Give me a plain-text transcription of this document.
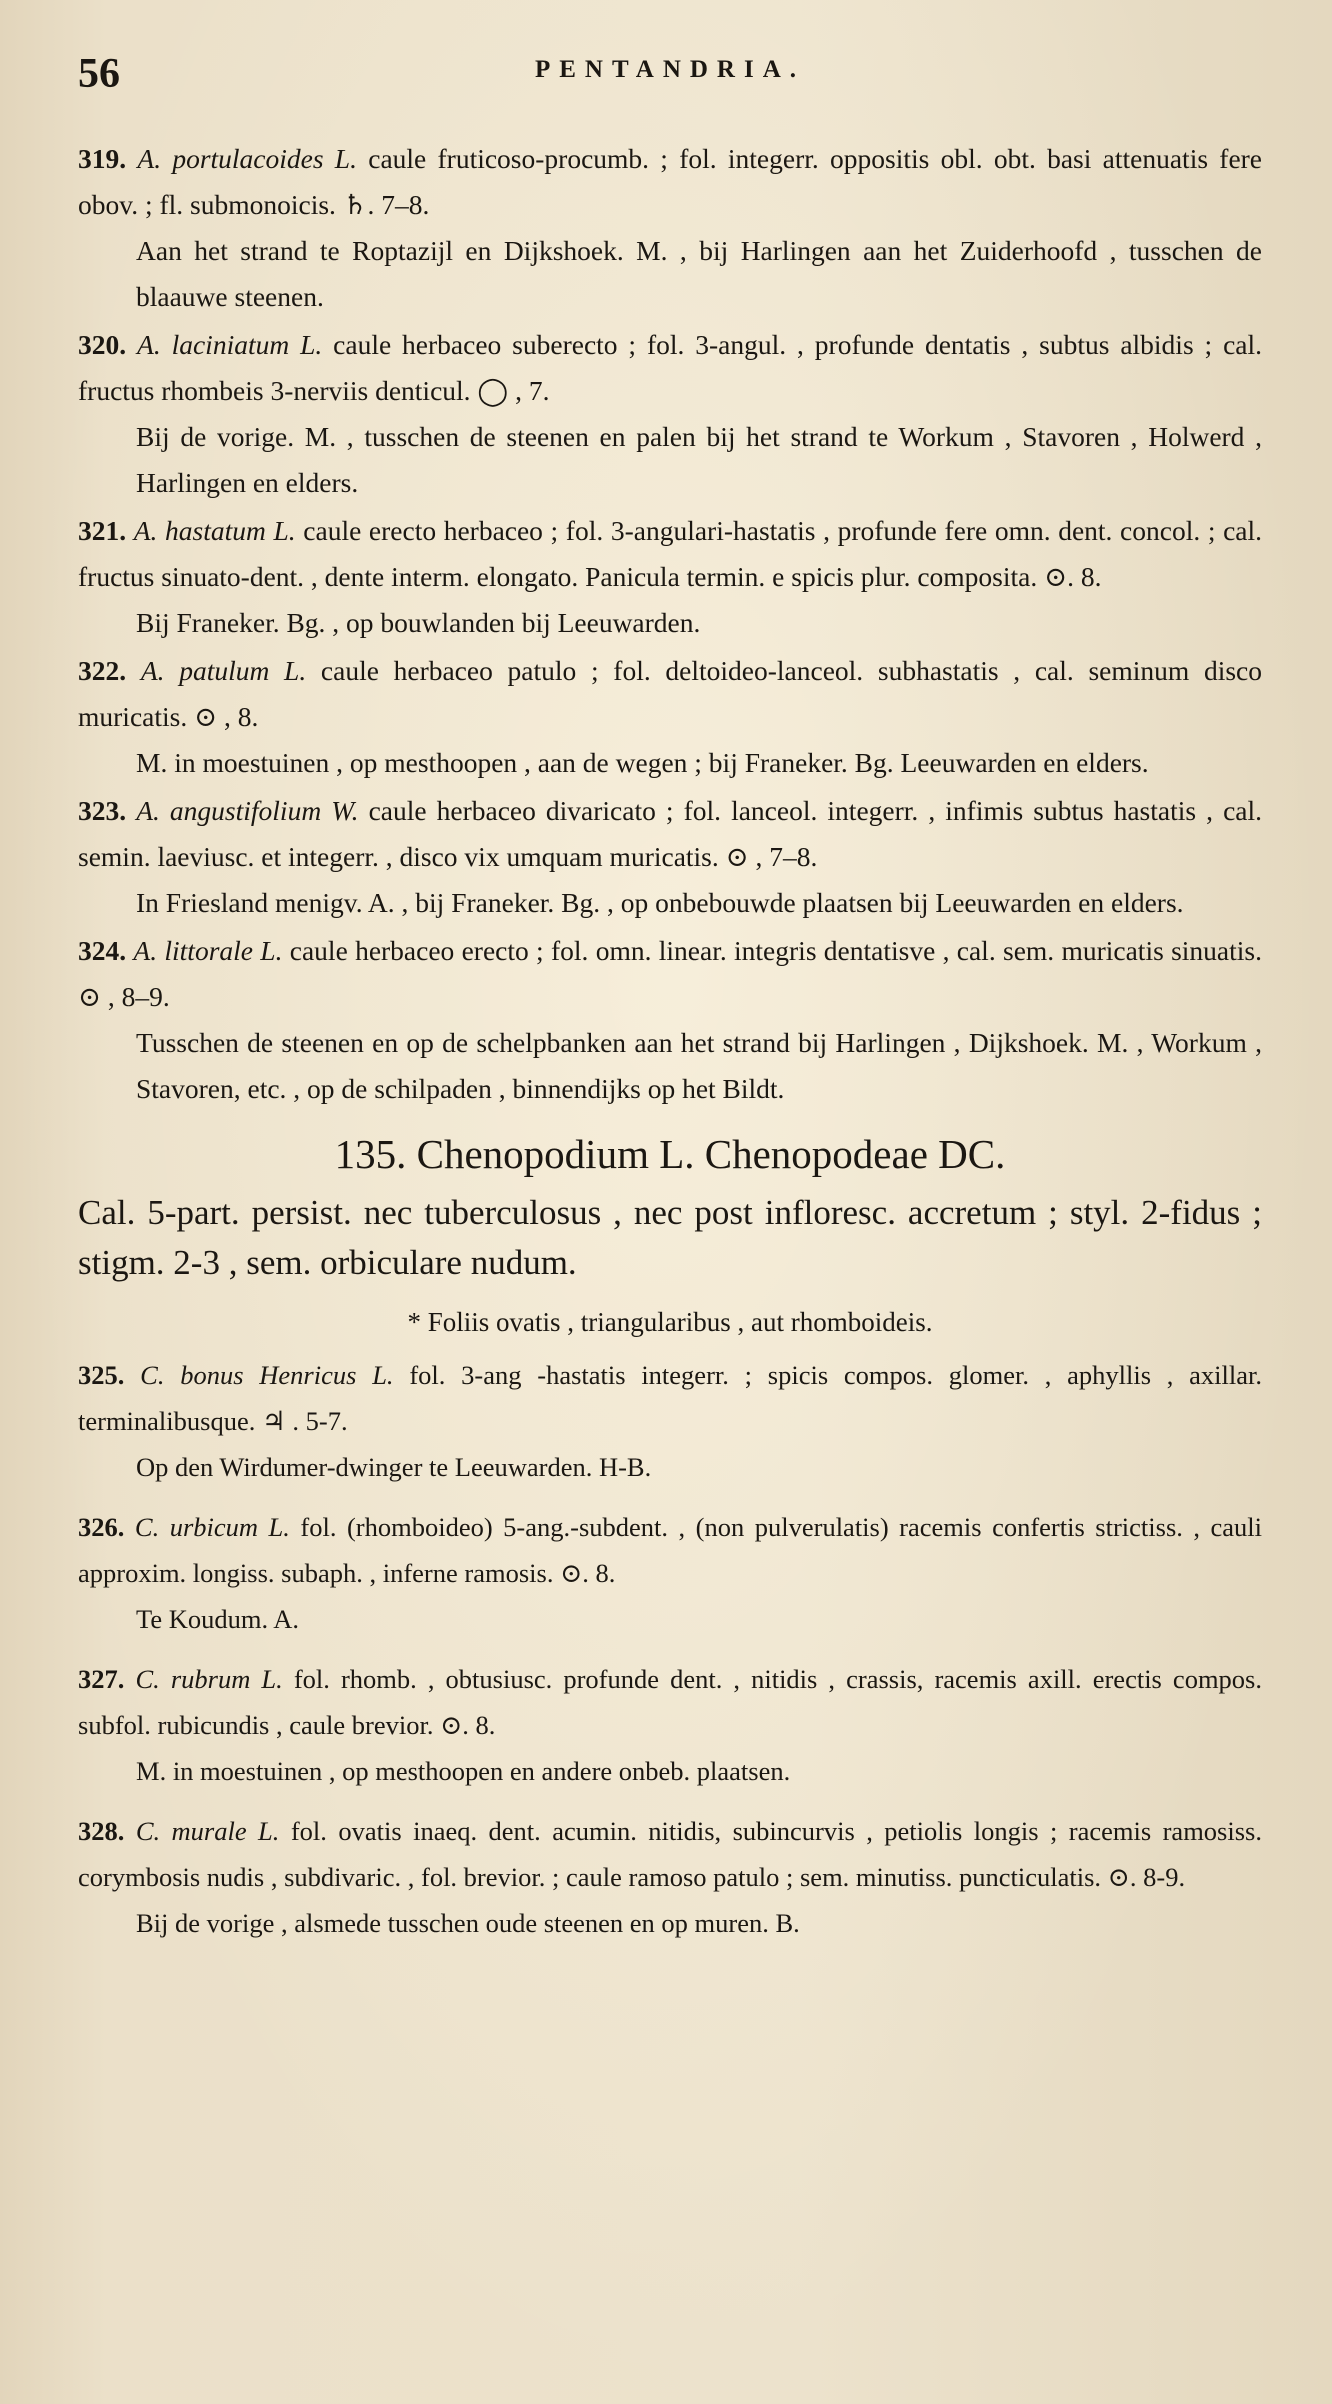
56	PENTANDRIA.
319. A. portulacoides L. caule fruticoso-procumb. ; fol. integerr. oppositis obl. obt. basi attenuatis fere obov. ; fl. submonoicis. ♄. 7–8.
Aan het strand te Roptazijl en Dijkshoek. M. , bij Harlingen aan het Zuiderhoofd , tusschen de blaauwe steenen.
320. A. laciniatum L. caule herbaceo suberecto ; fol. 3-angul. , profunde dentatis , subtus albidis ; cal. fructus rhombeis 3-nerviis denticul. ◯ , 7.
Bij de vorige. M. , tusschen de steenen en palen bij het strand te Workum , Stavoren , Holwerd , Harlingen en elders.
321. A. hastatum L. caule erecto herbaceo ; fol. 3-angulari-hastatis , profunde fere omn. dent. concol. ; cal. fructus sinuato-dent. , dente interm. elongato. Panicula termin. e spicis plur. composita. ⊙. 8.
Bij Franeker. Bg. , op bouwlanden bij Leeuwarden.
322. A. patulum L. caule herbaceo patulo ; fol. deltoideo-lanceol. subhastatis , cal. seminum disco muricatis. ⊙ , 8.
M. in moestuinen , op mesthoopen , aan de wegen ; bij Franeker. Bg. Leeuwarden en elders.
323. A. angustifolium W. caule herbaceo divaricato ; fol. lanceol. integerr. , infimis subtus hastatis , cal. semin. laeviusc. et integerr. , disco vix umquam muricatis. ⊙ , 7–8.
In Friesland menigv. A. , bij Franeker. Bg. , op onbebouwde plaatsen bij Leeuwarden en elders.
324. A. littorale L. caule herbaceo erecto ; fol. omn. linear. integris dentatisve , cal. sem. muricatis sinuatis. ⊙ , 8–9.
Tusschen de steenen en op de schelpbanken aan het strand bij Harlingen , Dijkshoek. M. , Workum , Stavoren, etc. , op de schilpaden , binnendijks op het Bildt.
135. Chenopodium L. Chenopodeae DC.

Cal. 5-part. persist. nec tuberculosus , nec post infloresc. accretum ; styl. 2-fidus ; stigm. 2-3 , sem. orbiculare nudum.

* Foliis ovatis , triangularibus , aut rhomboideis.
325. C. bonus Henricus L. fol. 3-ang -hastatis integerr. ; spicis compos. glomer. , aphyllis , axillar. terminalibusque. ♃ . 5-7.
Op den Wirdumer-dwinger te Leeuwarden. H-B.
326. C. urbicum L. fol. (rhomboideo) 5-ang.-subdent. , (non pulverulatis) racemis confertis strictiss. , cauli approxim. longiss. subaph. , inferne ramosis. ⊙. 8.
Te Koudum. A.
327. C. rubrum L. fol. rhomb. , obtusiusc. profunde dent. , nitidis , crassis, racemis axill. erectis compos. subfol. rubicundis , caule brevior. ⊙. 8.
M. in moestuinen , op mesthoopen en andere onbeb. plaatsen.
328. C. murale L. fol. ovatis inaeq. dent. acumin. nitidis, subincurvis , petiolis longis ; racemis ramosiss. corymbosis nudis , subdivaric. , fol. brevior. ; caule ramoso patulo ; sem. minutiss. puncticulatis. ⊙. 8-9.
Bij de vorige , alsmede tusschen oude steenen en op muren. B.
